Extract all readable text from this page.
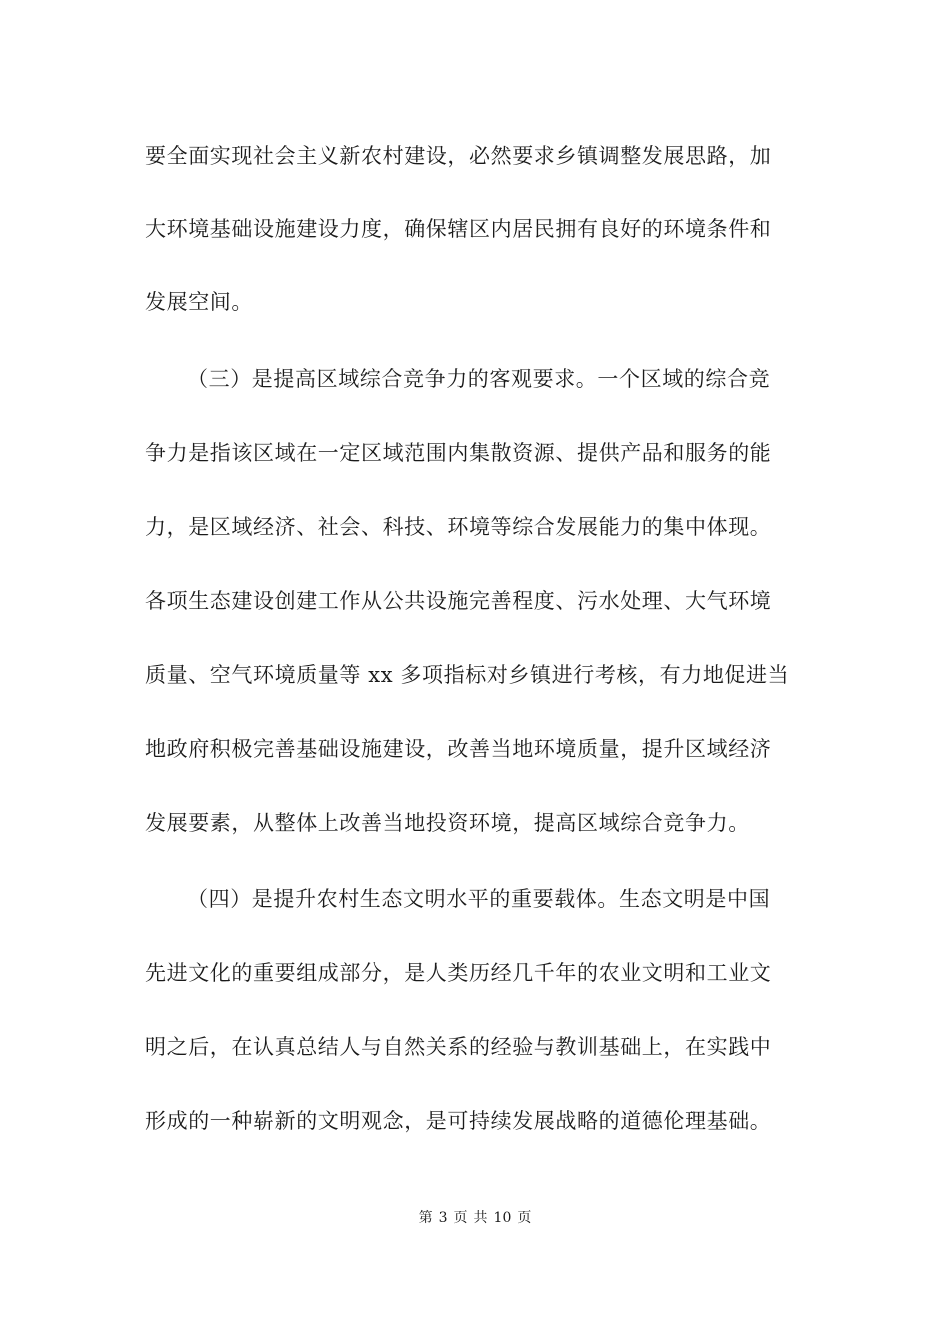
要全面实现社会主义新农村建设，必然要求乡镇调整发展思路，加
大环境基础设施建设力度，确保辖区内居民拥有良好的环境条件和
发展空间。
（三）是提高区域综合竞争力的客观要求。一个区域的综合竞
争力是指该区域在一定区域范围内集散资源、提供产品和服务的能
力，是区域经济、社会、科技、环境等综合发展能力的集中体现。
各项生态建设创建工作从公共设施完善程度、污水处理、大气环境
质量、空气环境质量等 xx 多项指标对乡镇进行考核，有力地促进当
地政府积极完善基础设施建设，改善当地环境质量，提升区域经济
发展要素，从整体上改善当地投资环境，提高区域综合竞争力。
（四）是提升农村生态文明水平的重要载体。生态文明是中国
先进文化的重要组成部分，是人类历经几千年的农业文明和工业文
明之后，在认真总结人与自然关系的经验与教训基础上，在实践中
形成的一种崭新的文明观念，是可持续发展战略的道德伦理基础。
第 3 页 共 10 页
